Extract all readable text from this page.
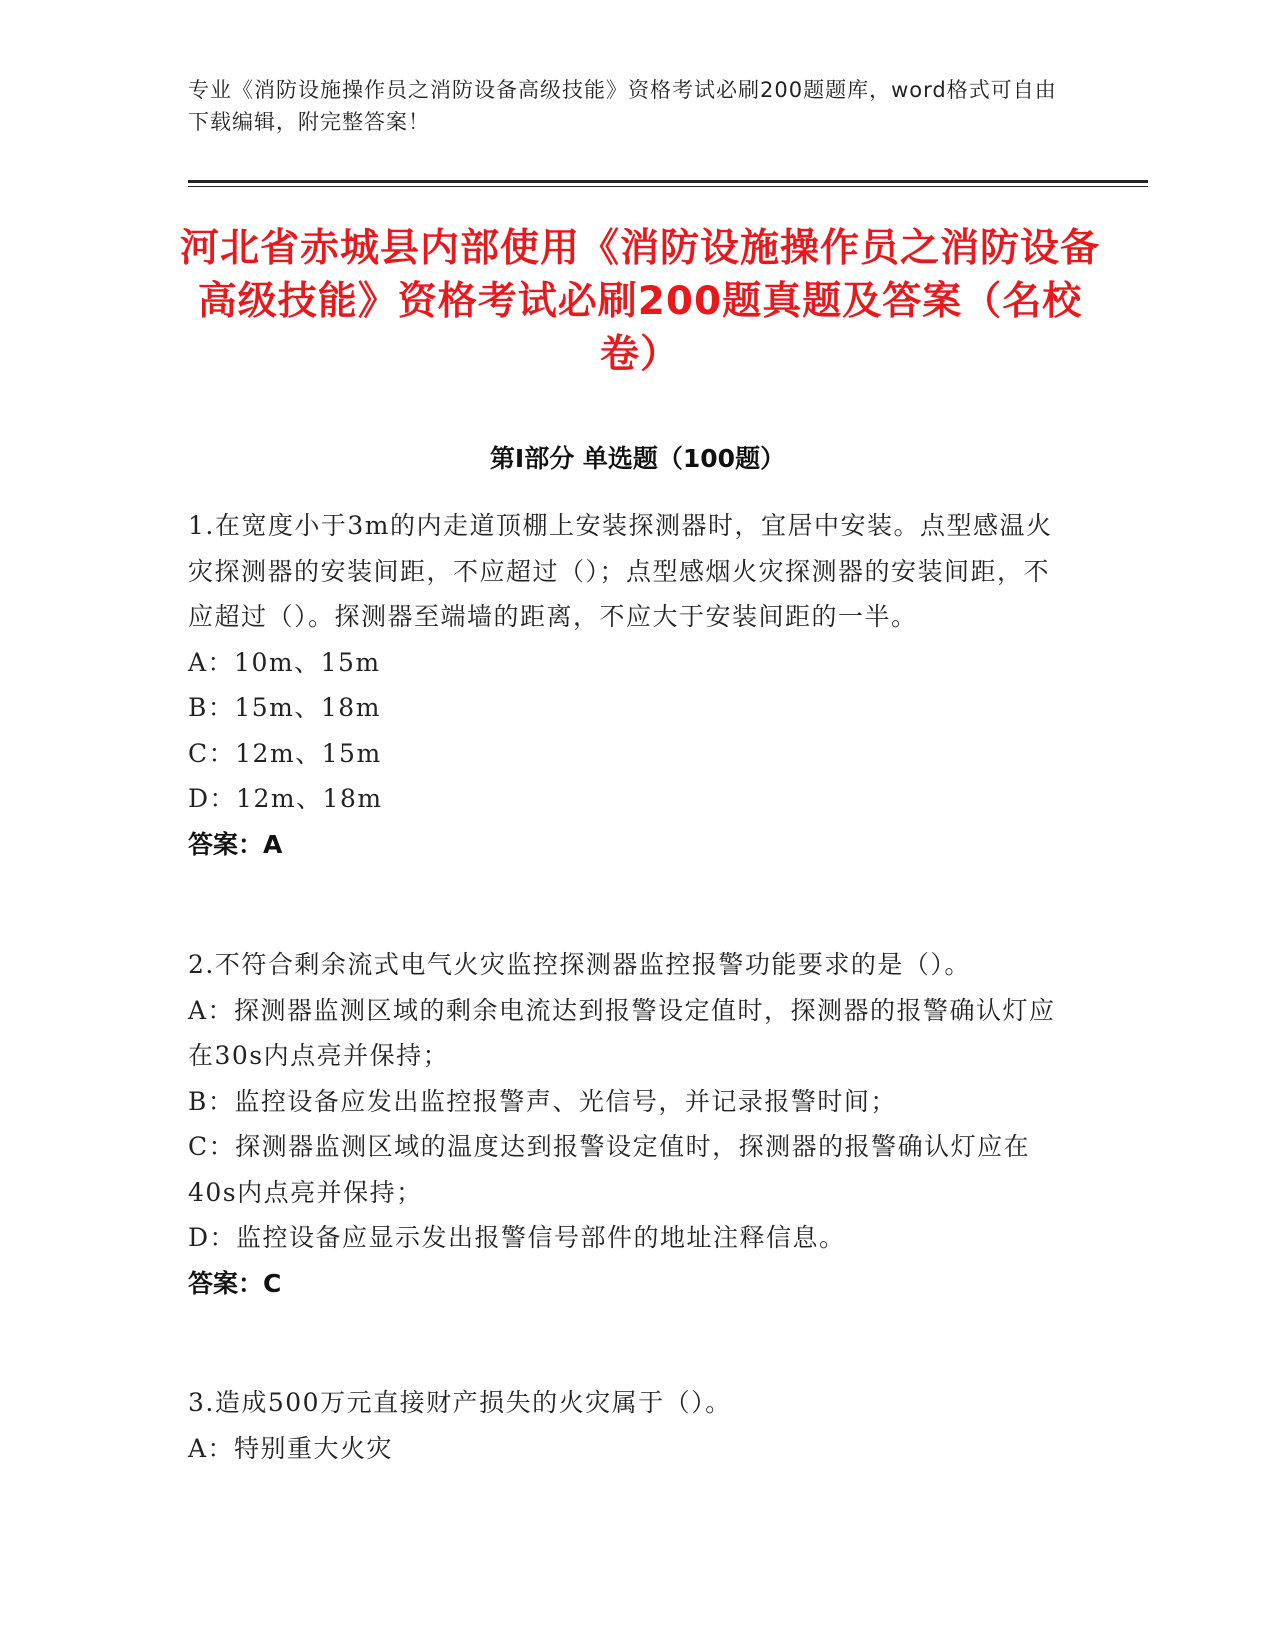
专业《消防设施操作员之消防设备高级技能》资格考试必刷200题题库，word格式可自由下载编辑，附完整答案！
河北省赤城县内部使用《消防设施操作员之消防设备高级技能》资格考试必刷200题真题及答案（名校卷）
第Ⅰ部分 单选题（100题）

1.在宽度小于3m的内走道顶棚上安装探测器时，宜居中安装。点型感温火灾探测器的安装间距，不应超过（）；点型感烟火灾探测器的安装间距，不应超过（）。探测器至端墙的距离，不应大于安装间距的一半。

A：10m、15m

B：15m、18m

C：12m、15m

D：12m、18m

答案：A

2.不符合剩余流式电气火灾监控探测器监控报警功能要求的是（）。

A：探测器监测区域的剩余电流达到报警设定值时，探测器的报警确认灯应在30s内点亮并保持；

B：监控设备应发出监控报警声、光信号，并记录报警时间；

C：探测器监测区域的温度达到报警设定值时，探测器的报警确认灯应在40s内点亮并保持；

D：监控设备应显示发出报警信号部件的地址注释信息。

答案：C

3.造成500万元直接财产损失的火灾属于（）。

A：特别重大火灾
